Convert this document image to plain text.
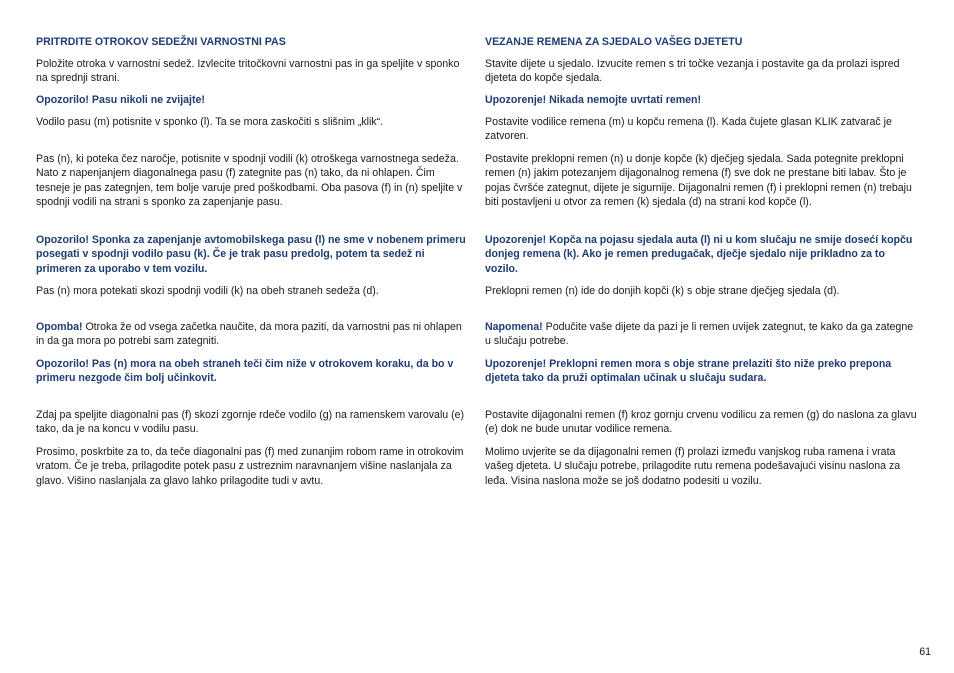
PRITRDITE OTROKOV SEDEŽNI VARNOSTNI PAS

Položite otroka v varnostni sedež. Izvlecite tritočkovni varnostni pas in ga speljite v sponko na sprednji strani.

Opozorilo! Pasu nikoli ne zvijajte!

Vodilo pasu (m) potisnite v sponko (l). Ta se mora zaskočiti s slišnim „klik“.

Pas (n), ki poteka čez naročje, potisnite v spodnji vodili (k) otroškega varnostnega sedeža. Nato z napenjanjem diagonalnega pasu (f) zategnite pas (n) tako, da ni ohlapen. Čim tesneje je pas zategnjen, tem bolje varuje pred poškodbami. Oba pasova (f) in (n) speljite v spodnji vodili na strani s sponko za zapenjanje pasu.

Opozorilo! Sponka za zapenjanje avtomobilskega pasu (l) ne sme v nobenem primeru posegati v spodnji vodilo pasu (k). Če je trak pasu predolg, potem ta sedež ni primeren za uporabo v tem vozilu.

Pas (n) mora potekati skozi spodnji vodili (k) na obeh straneh sedeža (d).

Opomba! Otroka že od vsega začetka naučite, da mora paziti, da varnostni pas ni ohlapen in da ga mora po potrebi sam zategniti.

Opozorilo! Pas (n) mora na obeh straneh teči čim niže v otrokovem koraku, da bo v primeru nezgode čim bolj učinkovit.

Zdaj pa speljite diagonalni pas (f) skozi zgornje rdeče vodilo (g) na ramenskem varovalu (e) tako, da je na koncu v vodilu pasu.

Prosimo, poskrbite za to, da teče diagonalni pas (f) med zunanjim robom rame in otrokovim vratom. Če je treba, prilagodite potek pasu z ustreznim naravnanjem višine naslanjala za glavo. Višino naslanjala za glavo lahko prilagodite tudi v avtu.

VEZANJE REMENA ZA SJEDALO VAŠEG DJETETU

Stavite dijete u sjedalo. Izvucite remen s tri točke vezanja i postavite ga da prolazi ispred djeteta do kopče sjedala.

Upozorenje! Nikada nemojte uvrtati remen!

Postavite vodilice remena (m) u kopču remena (l). Kada čujete glasan KLIK zatvarač je zatvoren.

Postavite preklopni remen (n) u donje kopče (k) dječjeg sjedala. Sada potegnite preklopni remen (n) jakim potezanjem dijagonalnog remena (f) sve dok ne prestane biti labav. Što je pojas čvršće zategnut, dijete je sigurnije. Dijagonalni remen (f) i preklopni remen (n) trebaju biti postavljeni u otvor za remen (k) sjedala (d) na strani kod kopče (l).

Upozorenje! Kopča na pojasu sjedala auta (l) ni u kom slučaju ne smije dosećí kopču donjeg remena (k). Ako je remen predugačak, dječje sjedalo nije prikladno za to vozilo.

Preklopni remen (n) ide do donjih kopči (k) s obje strane dječjeg sjedala (d).

Napomena! Podučite vaše dijete da pazi je li remen uvijek zategnut, te kako da ga zategne u slučaju potrebe.

Upozorenje! Preklopni remen mora s obje strane prelaziti što niže preko prepona djeteta tako da pruži optimalan učinak u slučaju sudara.

Postavite dijagonalni remen (f) kroz gornju crvenu vodilicu za remen (g) do naslona za glavu (e) dok ne bude unutar vodilice remena.

Molimo uvjerite se da dijagonalni remen (f) prolazi između vanjskog ruba ramena i vrata vašeg djeteta. U slučaju potrebe, prilagodite rutu remena podešavajući visinu naslona za leđa. Visina naslona može se još dodatno podesiti u vozilu.

61
